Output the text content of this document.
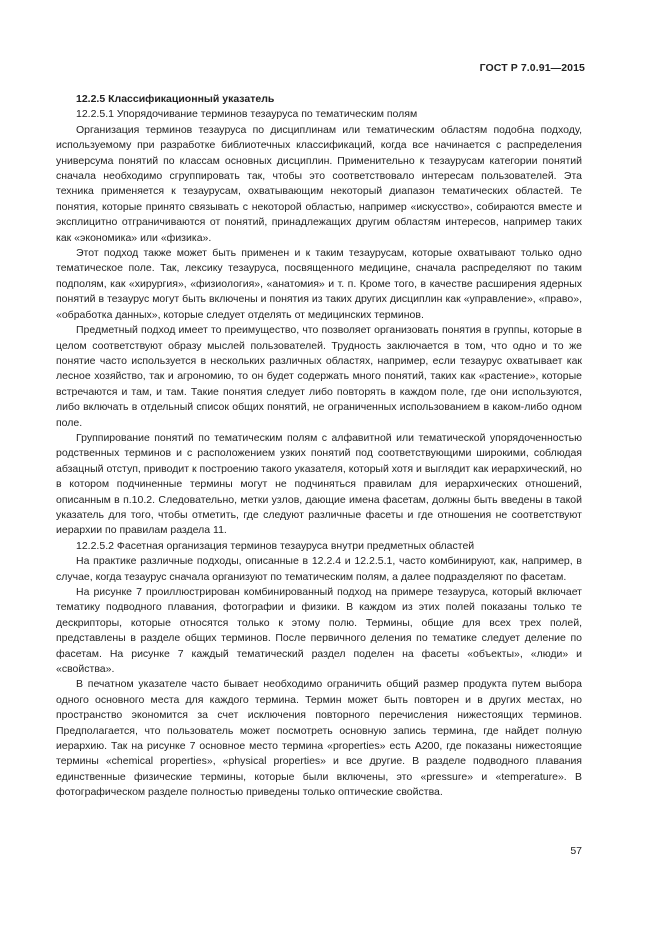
ГОСТ Р 7.0.91—2015

12.2.5 Классификационный указатель

12.2.5.1 Упорядочивание терминов тезауруса по тематическим полям

Организация терминов тезауруса по дисциплинам или тематическим областям подобна подходу, используемому при разработке библиотечных классификаций, когда все начинается с распределения универсума понятий по классам основных дисциплин. Применительно к тезаурусам категории понятий сначала необходимо сгруппировать так, чтобы это соответствовало интересам пользователей. Эта техника применяется к тезаурусам, охватывающим некоторый диапазон тематических областей. Те понятия, которые принято связывать с некоторой областью, например «искусство», собираются вместе и эксплицитно отграничиваются от понятий, принадлежащих другим областям интересов, например таких как «экономика» или «физика».

Этот подход также может быть применен и к таким тезаурусам, которые охватывают только одно тематическое поле. Так, лексику тезауруса, посвященного медицине, сначала распределяют по таким подполям, как «хирургия», «физиология», «анатомия» и т. п. Кроме того, в качестве расширения ядерных понятий в тезаурус могут быть включены и понятия из таких других дисциплин как «управление», «право», «обработка данных», которые следует отделять от медицинских терминов.

Предметный подход имеет то преимущество, что позволяет организовать понятия в группы, которые в целом соответствуют образу мыслей пользователей. Трудность заключается в том, что одно и то же понятие часто используется в нескольких различных областях, например, если тезаурус охватывает как лесное хозяйство, так и агрономию, то он будет содержать много понятий, таких как «растение», которые встречаются и там, и там. Такие понятия следует либо повторять в каждом поле, где они используются, либо включать в отдельный список общих понятий, не ограниченных использованием в каком-либо одном поле.

Группирование понятий по тематическим полям с алфавитной или тематической упорядоченностью родственных терминов и с расположением узких понятий под соответствующими широкими, соблюдая абзацный отступ, приводит к построению такого указателя, который хотя и выглядит как иерархический, но в котором подчиненные термины могут не подчиняться правилам для иерархических отношений, описанным в п.10.2. Следовательно, метки узлов, дающие имена фасетам, должны быть введены в такой указатель для того, чтобы отметить, где следуют различные фасеты и где отношения не соответствуют иерархии по правилам раздела 11.

12.2.5.2 Фасетная организация терминов тезауруса внутри предметных областей

На практике различные подходы, описанные в 12.2.4 и 12.2.5.1, часто комбинируют, как, например, в случае, когда тезаурус сначала организуют по тематическим полям, а далее подразделяют по фасетам.

На рисунке 7 проиллюстрирован комбинированный подход на примере тезауруса, который включает тематику подводного плавания, фотографии и физики. В каждом из этих полей показаны только те дескрипторы, которые относятся только к этому полю. Термины, общие для всех трех полей, представлены в разделе общих терминов. После первичного деления по тематике следует деление по фасетам. На рисунке 7 каждый тематический раздел поделен на фасеты «объекты», «люди» и «свойства».

В печатном указателе часто бывает необходимо ограничить общий размер продукта путем выбора одного основного места для каждого термина. Термин может быть повторен и в других местах, но пространство экономится за счет исключения повторного перечисления нижестоящих терминов. Предполагается, что пользователь может посмотреть основную запись термина, где найдет полную иерархию. Так на рисунке 7 основное место термина «properties» есть A200, где показаны нижестоящие термины «chemical properties», «physical properties» и все другие. В разделе подводного плавания единственные физические термины, которые были включены, это «pressure» и «temperature». В фотографическом разделе полностью приведены только оптические свойства.

57
